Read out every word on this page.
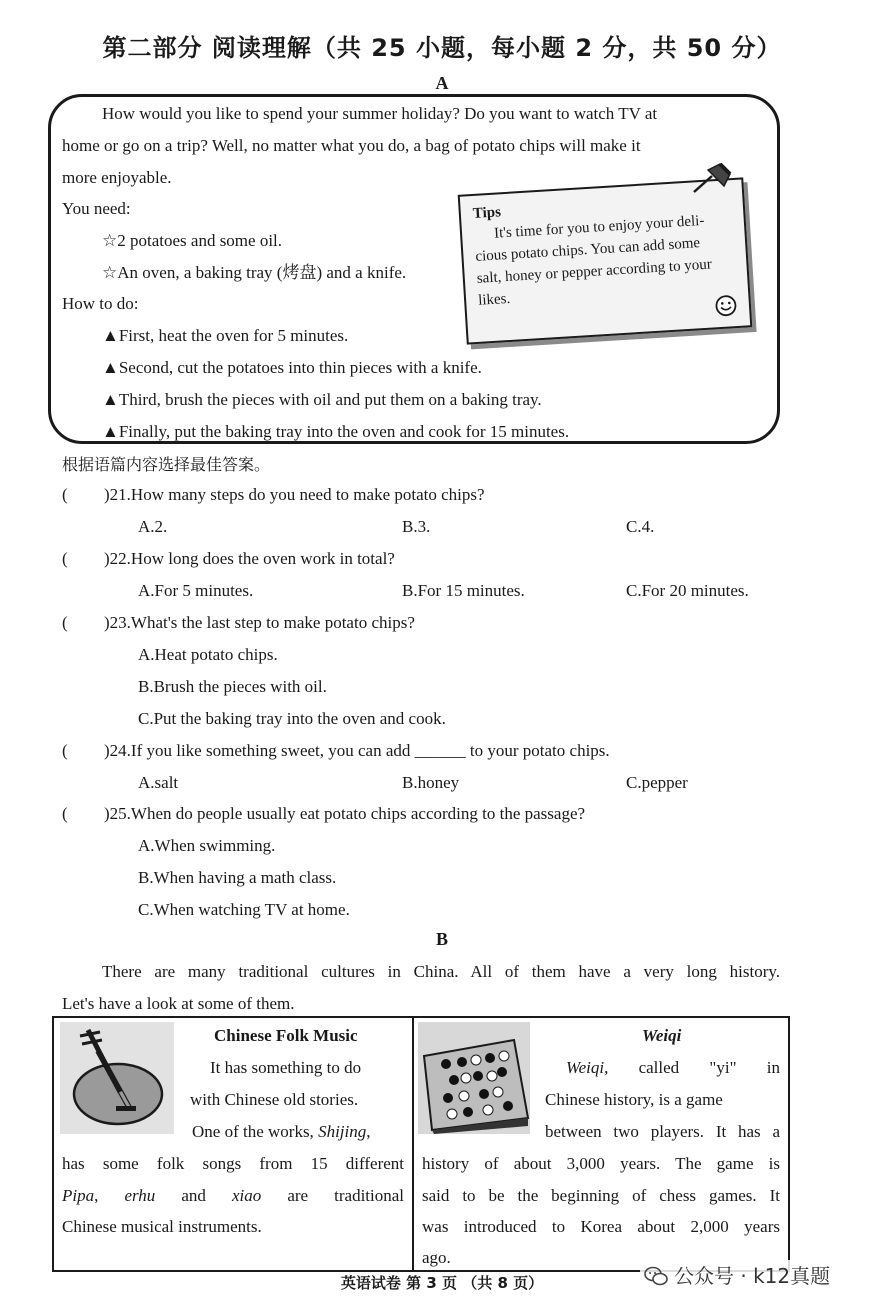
第二部分 阅读理解（共 25 小题，每小题 2 分，共 50 分）
A
How would you like to spend your summer holiday? Do you want to watch TV at
home or go on a trip? Well, no matter what you do, a bag of potato chips will make it
more enjoyable.
You need:
☆2 potatoes and some oil.
☆An oven, a baking tray (烤盘) and a knife.
How to do:
▲First, heat the oven for 5 minutes.
▲Second, cut the potatoes into thin pieces with a knife.
▲Third, brush the pieces with oil and put them on a baking tray.
▲Finally, put the baking tray into the oven and cook for 15 minutes.
Tips
It's time for you to enjoy your deli-
cious potato chips. You can add some
salt, honey or pepper according to your
likes.
根据语篇内容选择最佳答案。
( )21.How many steps do you need to make potato chips?
A.2.	B.3.	C.4.
( )22.How long does the oven work in total?
A.For 5 minutes.	B.For 15 minutes.	C.For 20 minutes.
( )23.What's the last step to make potato chips?
A.Heat potato chips.
B.Brush the pieces with oil.
C.Put the baking tray into the oven and cook.
( )24.If you like something sweet, you can add ______ to your potato chips.
A.salt	B.honey	C.pepper
( )25.When do people usually eat potato chips according to the passage?
A.When swimming.
B.When having a math class.
C.When watching TV at home.
B
There are many traditional cultures in China. All of them have a very long history.
Let's have a look at some of them.
Chinese Folk Music
It has something to do
with Chinese old stories.
One of the works, Shijing,
has some folk songs from 15 different
Pipa, erhu and xiao are traditional
Chinese musical instruments.
Weiqi
Weiqi, called "yi" in
Chinese history, is a game
between two players. It has a
history of about 3,000 years. The game is
said to be the beginning of chess games. It
was introduced to Korea about 2,000 years
ago.
英语试卷 第 3 页 （共 8 页）	公众号 · k12真题
